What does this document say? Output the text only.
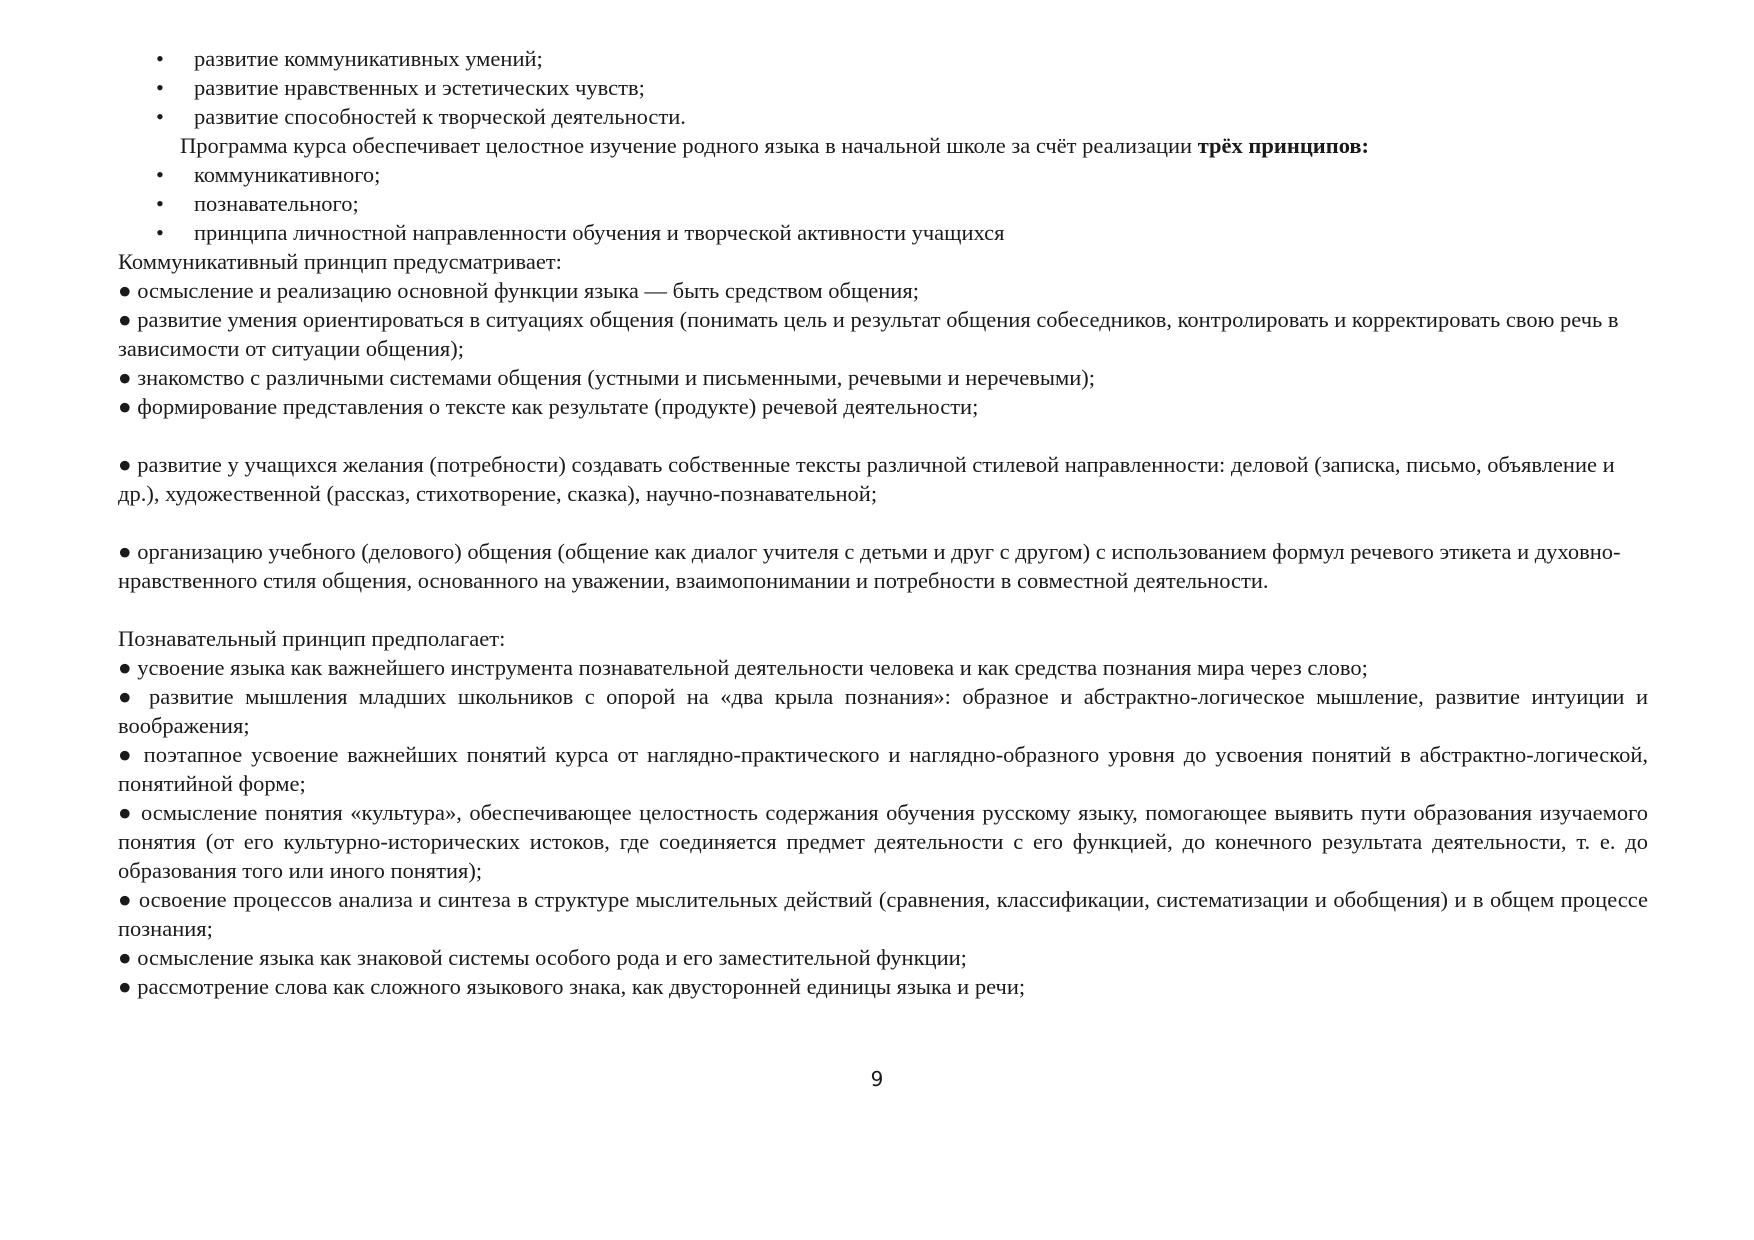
• развитие коммуникативных умений;
• развитие нравственных и эстетических чувств;
• развитие способностей к творческой деятельности.

Программа курса обеспечивает целостное изучение родного языка в начальной школе за счёт реализации трёх принципов:

• коммуникативного;
• познавательного;
• принципа личностной направленности обучения и творческой активности учащихся

Коммуникативный принцип предусматривает:

● осмысление и реализацию основной функции языка — быть средством общения;

● развитие умения ориентироваться в ситуациях общения (понимать цель и результат общения собеседников, контролировать и корректировать свою речь в зависимости от ситуации общения);

● знакомство с различными системами общения (устными и письменными, речевыми и неречевыми);

● формирование представления о тексте как результате (продукте) речевой деятельности;

● развитие у учащихся желания (потребности) создавать собственные тексты различной стилевой направленности: деловой (записка, письмо, объявление и др.), художественной (рассказ, стихотворение, сказка), научно-познавательной;

● организацию учебного (делового) общения (общение как диалог учителя с детьми и друг с другом) с использованием формул речевого этикета и духовно-нравственного стиля общения, основанного на уважении, взаимопонимании и потребности в совместной деятельности.

Познавательный принцип предполагает:

● усвоение языка как важнейшего инструмента познавательной деятельности человека и как средства познания мира через слово;

● развитие мышления младших школьников с опорой на «два крыла познания»: образное и абстрактно-логическое мышление, развитие интуиции и воображения;

● поэтапное усвоение важнейших понятий курса от наглядно-практического и наглядно-образного уровня до усвоения понятий в абстрактно-логической, понятийной форме;

● осмысление понятия «культура», обеспечивающее целостность содержания обучения русскому языку, помогающее выявить пути образования изучаемого понятия (от его культурно-исторических истоков, где соединяется предмет деятельности с его функцией, до конечного результата деятельности, т. е. до образования того или иного понятия);

● освоение процессов анализа и синтеза в структуре мыслительных действий (сравнения, классификации, систематизации и обобщения) и в общем процессе познания;

● осмысление языка как знаковой системы особого рода и его заместительной функции;

● рассмотрение слова как сложного языкового знака, как двусторонней единицы языка и речи;

9
